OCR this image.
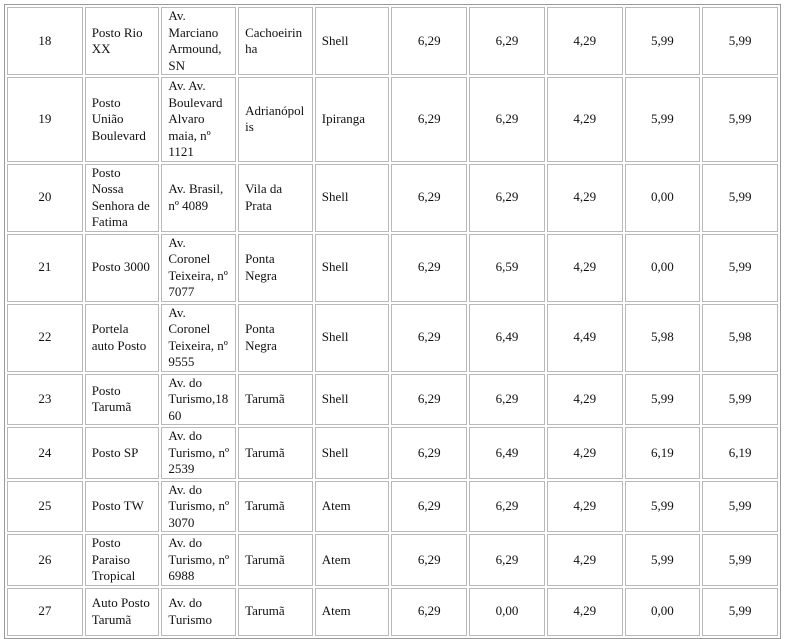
18	Posto Rio XX	Av. Marciano Armound, SN	Cachoeirinha	Shell	6,29	6,29	4,29	5,99	5,99
19	Posto União Boulevard	Av. Av. Boulevard Alvaro maia, nº 1121	Adrianópolis	Ipiranga	6,29	6,29	4,29	5,99	5,99
20	Posto Nossa Senhora de Fatima	Av. Brasil, nº 4089	Vila da Prata	Shell	6,29	6,29	4,29	0,00	5,99
21	Posto 3000	Av. Coronel Teixeira, nº 7077	Ponta Negra	Shell	6,29	6,59	4,29	0,00	5,99
22	Portela auto Posto	Av. Coronel Teixeira, nº 9555	Ponta Negra	Shell	6,29	6,49	4,49	5,98	5,98
23	Posto Tarumã	Av. do Turismo,1860	Tarumã	Shell	6,29	6,29	4,29	5,99	5,99
24	Posto SP	Av. do Turismo, nº 2539	Tarumã	Shell	6,29	6,49	4,29	6,19	6,19
25	Posto TW	Av. do Turismo, nº 3070	Tarumã	Atem	6,29	6,29	4,29	5,99	5,99
26	Posto Paraiso Tropical	Av. do Turismo, nº 6988	Tarumã	Atem	6,29	6,29	4,29	5,99	5,99
27	Auto Posto Tarumã	Av. do Turismo	Tarumã	Atem	6,29	0,00	4,29	0,00	5,99
